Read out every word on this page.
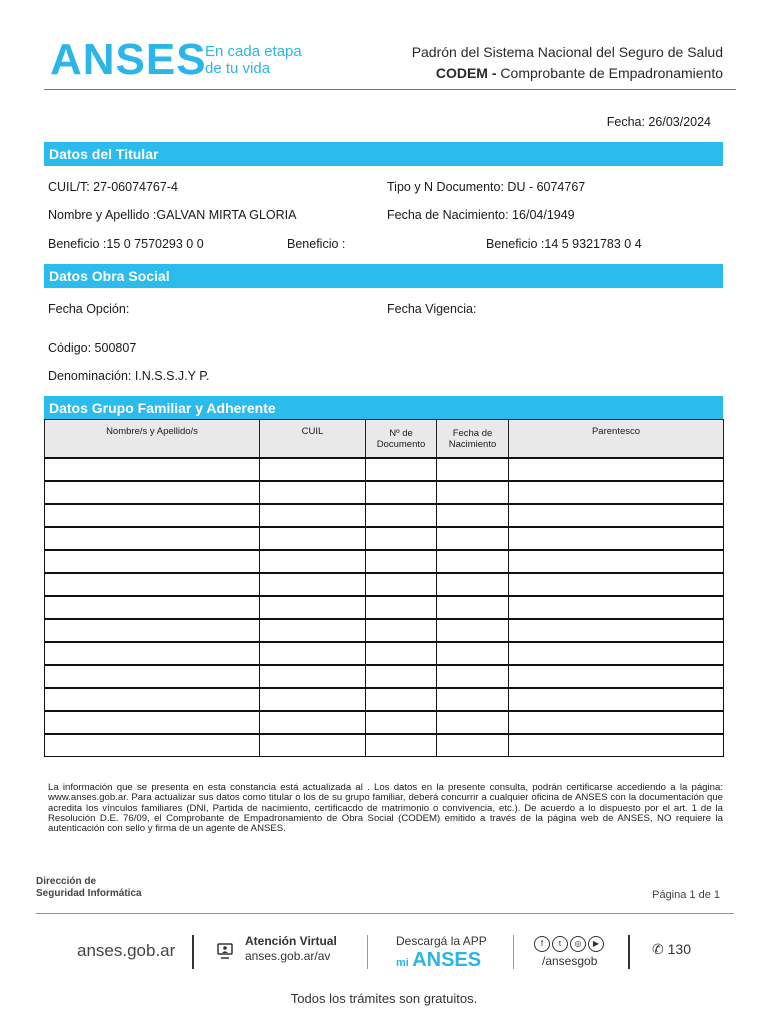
ANSES
En cada etapa
de tu vida
Padrón del Sistema Nacional del Seguro de Salud
CODEM - Comprobante de Empadronamiento
Fecha: 26/03/2024
Datos del Titular
CUIL/T: 27-06074767-4	Tipo y N Documento: DU - 6074767
Nombre y Apellido :GALVAN MIRTA GLORIA	Fecha de Nacimiento: 16/04/1949
Beneficio :15 0 7570293 0 0	Beneficio :	Beneficio :14 5 9321783 0 4
Datos Obra Social
Fecha Opción:	Fecha Vigencia:
Código: 500807
Denominación: I.N.S.S.J.Y P.
Datos Grupo Familiar y Adherente
Nombre/s y Apellido/s	CUIL	Nº de Documento	Fecha de Nacimiento	Parentesco

La información que se presenta en esta constancia está actualizada al . Los datos en la presente consulta, podrán certificarse accediendo a la página: www.anses.gob.ar. Para actualizar sus datos como titular o los de su grupo familiar, deberá concurrir a cualquier oficina de ANSES con la documentación que acredita los vínculos familiares (DNI, Partida de nacimiento, certificacdo de matrimonio o convivencia, etc.). De acuerdo a lo dispuesto por el art. 1 de la Resolución D.E. 76/09, el Comprobante de Empadronamiento de Obra Social (CODEM) emitido a través de la página web de ANSES, NO requiere la autenticación con sello y firma de un agente de ANSES.
Dirección de
Seguridad Informática	Página 1 de 1
anses.gob.ar	Atención Virtual
anses.gob.ar/av
Descargá la APP
mi ANSES
f t ◎ ▶
/ansesgob
✆ 130
Todos los trámites son gratuitos.
